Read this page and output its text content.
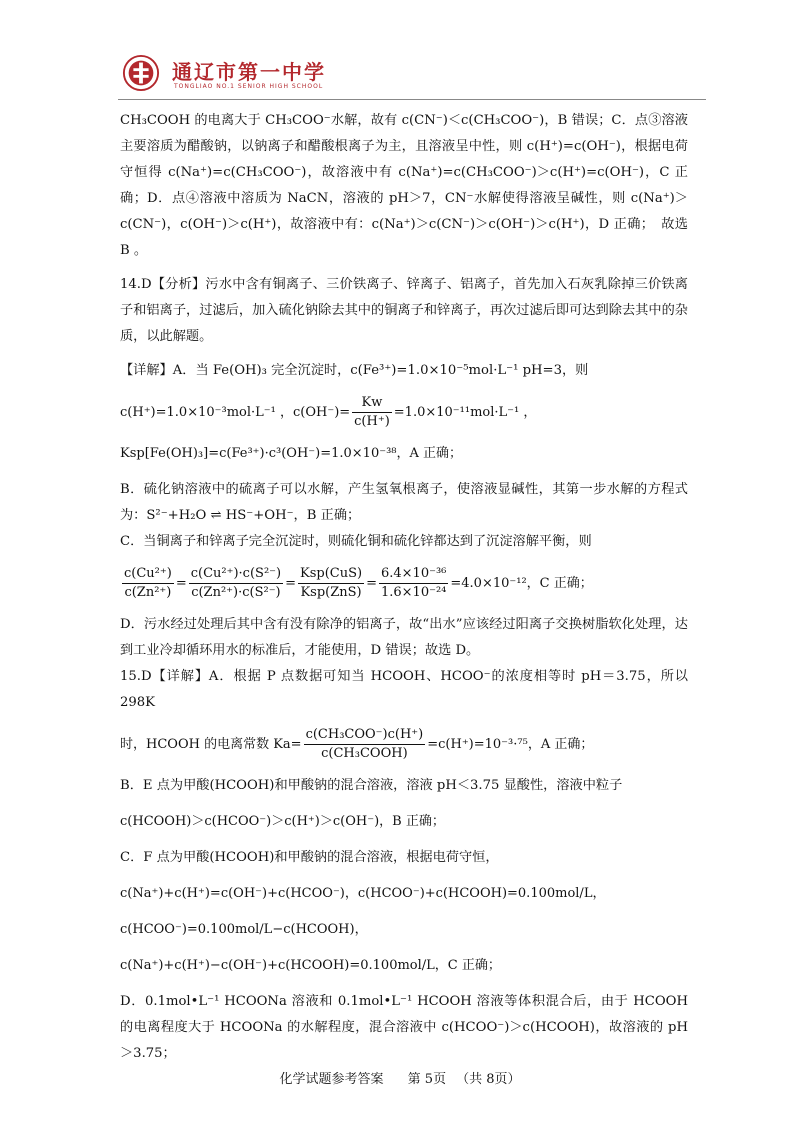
通辽市第一中学
TONGLIAO NO.1 SENIOR HIGH SCHOOL

CH₃COOH 的电离大于 CH₃COO⁻水解，故有 c(CN⁻)＜c(CH₃COO⁻)，B 错误；C．点③溶液主要溶质为醋酸钠，以钠离子和醋酸根离子为主，且溶液呈中性，则 c(H⁺)=c(OH⁻)，根据电荷守恒得 c(Na⁺)=c(CH₃COO⁻)，故溶液中有 c(Na⁺)=c(CH₃COO⁻)＞c(H⁺)=c(OH⁻)，C 正确；D．点④溶液中溶质为 NaCN，溶液的 pH＞7，CN⁻水解使得溶液呈碱性，则 c(Na⁺)＞c(CN⁻)，c(OH⁻)＞c(H⁺)，故溶液中有：c(Na⁺)＞c(CN⁻)＞c(OH⁻)＞c(H⁺)，D 正确；　故选 B 。

14.D【分析】污水中含有铜离子、三价铁离子、锌离子、铝离子，首先加入石灰乳除掉三价铁离子和铝离子，过滤后，加入硫化钠除去其中的铜离子和锌离子，再次过滤后即可达到除去其中的杂质，以此解题。

【详解】A．当 Fe(OH)₃ 完全沉淀时，c(Fe³⁺)=1.0×10⁻⁵mol·L⁻¹ pH=3，则

c(H⁺)=1.0×10⁻³mol·L⁻¹ ，$c(OH^-)= \frac{Kw}{c(H^+)} =1.0\times 10^{-11}mol\cdot L^{-1}$ ，
Ksp[Fe(OH)₃]=c(Fe³⁺)·c³(OH⁻)=1.0×10⁻³⁸，A 正确；

B．硫化钠溶液中的硫离子可以水解，产生氢氧根离子，使溶液显碱性，其第一步水解的方程式为：S²⁻+H₂O ⇌ HS⁻+OH⁻，B 正确；

C．当铜离子和锌离子完全沉淀时，则硫化铜和硫化锌都达到了沉淀溶解平衡，则

$\frac{\text{c(Cu²⁺)}}{\text{c(Zn²⁺)}} = \frac{\text{c(Cu²⁺)·c(S²⁻)}}{\text{c(Zn²⁺)·c(S²⁻)}} = \frac{\text{Ksp(CuS)}}{\text{Ksp(ZnS)}} = \frac{\text{6.4×10⁻³⁶}}{\text{1.6×10⁻²⁴}} =4.0\times 10^{-12}$，C 正确；

D．污水经过处理后其中含有没有除净的铝离子，故“出水”应该经过阳离子交换树脂软化处理，达到工业冷却循环用水的标准后，才能使用，D 错误；故选 D。

15.D【详解】A．根据 P 点数据可知当 HCOOH、HCOO⁻的浓度相等时 pH＝3.75，所以 298K

时，HCOOH 的电离常数 $Ka= \frac{\text{c(CH₃COO⁻)c(H⁺)}}{\text{c(CH₃COOH)}} =c(H^+)=10^{-3}\cdot^{75}$，A 正确；

B．E 点为甲酸(HCOOH)和甲酸钠的混合溶液，溶液 pH＜3.75 显酸性，溶液中粒子

c(HCOOH)＞c(HCOO⁻)＞c(H⁺)＞c(OH⁻)，B 正确；

C．F 点为甲酸(HCOOH)和甲酸钠的混合溶液，根据电荷守恒，

c(Na⁺)+c(H⁺)=c(OH⁻)+c(HCOO⁻)，c(HCOO⁻)+c(HCOOH)=0.100mol/L，
c(HCOO⁻)=0.100mol/L−c(HCOOH)，
c(Na⁺)+c(H⁺)−c(OH⁻)+c(HCOOH)=0.100mol/L，C 正确；

D．0.1mol•L⁻¹ HCOONa 溶液和 0.1mol•L⁻¹ HCOOH 溶液等体积混合后，由于 HCOOH 的电离程度大于 HCOONa 的水解程度，混合溶液中 c(HCOO⁻)＞c(HCOOH)，故溶液的 pH＞3.75；

化学试题参考答案 第 5页 （共 8页）
